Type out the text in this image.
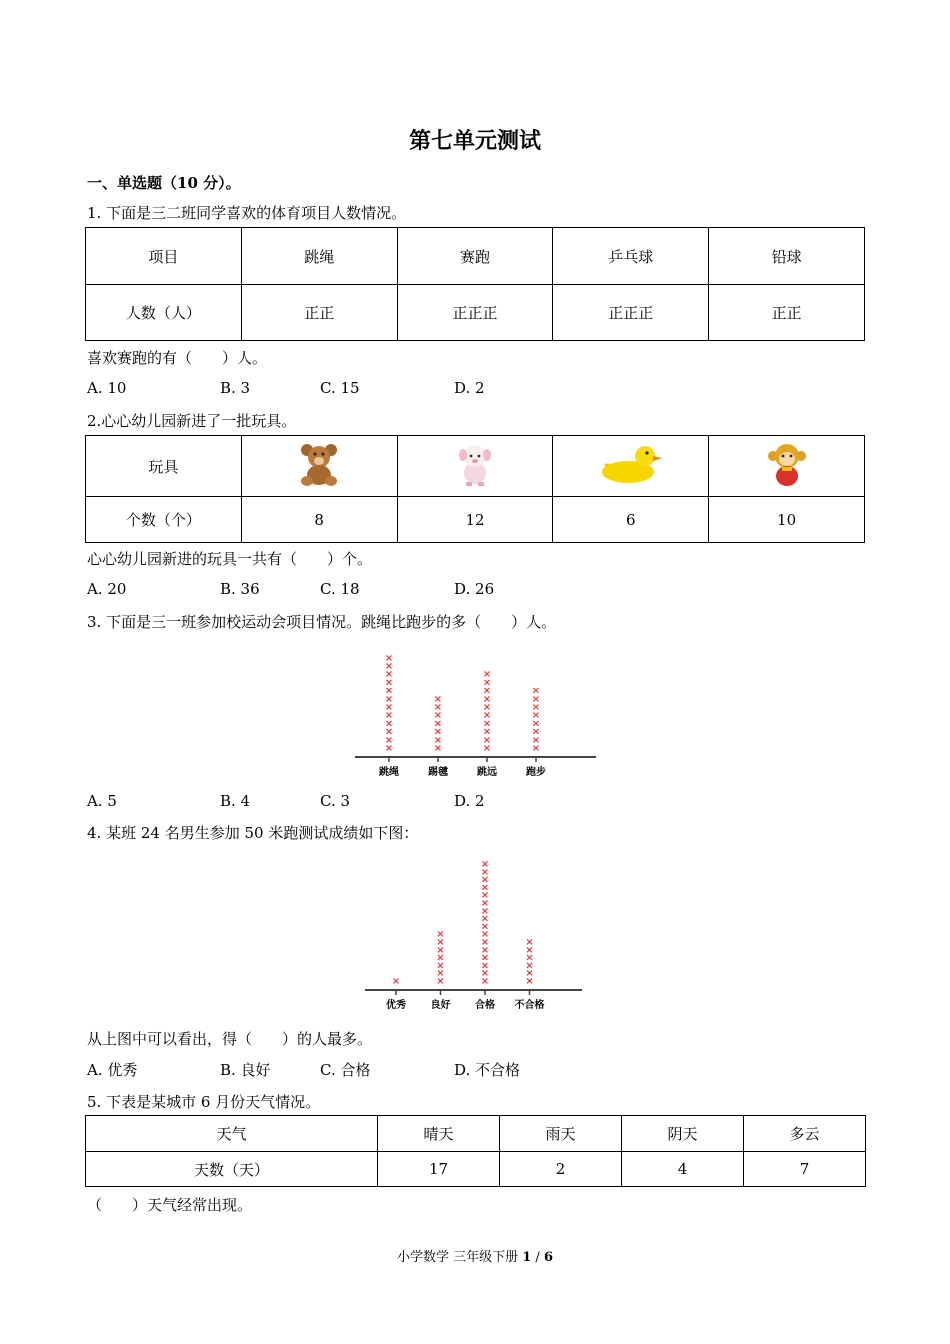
第七单元测试
一、单选题（10 分）。
1. 下面是三二班同学喜欢的体育项目人数情况。
项目	跳绳	赛跑	乒乓球	铅球
人数（人）	正正	正正正	正正正	正正
喜欢赛跑的有（　　）人。
A. 10	B. 3	C. 15	D. 2
2.心心幼儿园新进了一批玩具。
玩具				
个数（个）	8	12	6	10
心心幼儿园新进的玩具一共有（　　）个。
A. 20	B. 36	C. 18	D. 26
3. 下面是三一班参加校运动会项目情况。跳绳比跑步的多（　　）人。
跳绳
×
×
×
×
×
×
×
×
×
×
×
×
踢毽
×
×
×
×
×
×
×
跳远
×
×
×
×
×
×
×
×
×
×
跑步
×
×
×
×
×
×
×
×
A. 5	B. 4	C. 3	D. 2
4. 某班 24 名男生参加 50 米跑测试成绩如下图：
优秀
×
良好
×
×
×
×
×
×
×
合格
×
×
×
×
×
×
×
×
×
×
×
×
×
×
×
×
不合格
×
×
×
×
×
×
从上图中可以看出，得（　　）的人最多。
A. 优秀	B. 良好	C. 合格	D. 不合格
5. 下表是某城市 6 月份天气情况。
天气	晴天	雨天	阴天	多云
天数（天）	17	2	4	7
（　　）天气经常出现。
小学数学 三年级下册 1 / 6
